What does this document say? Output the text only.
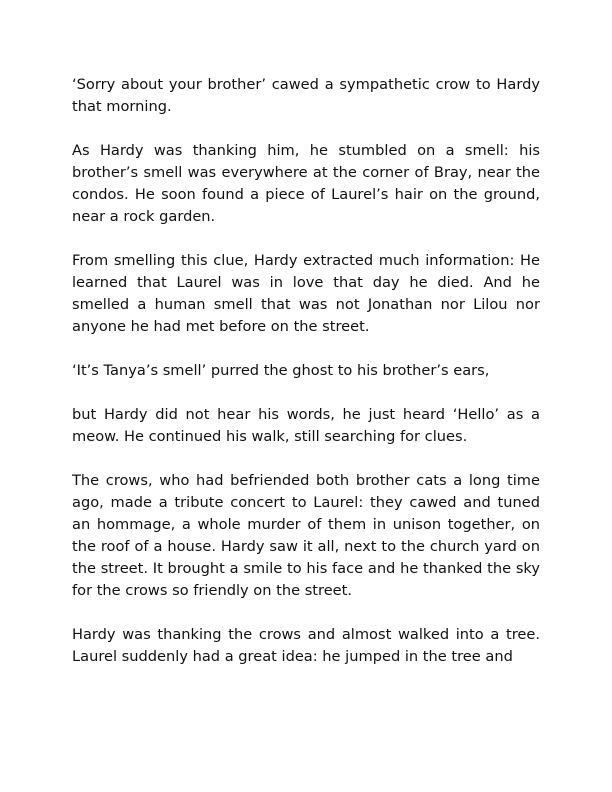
‘Sorry about your brother’ cawed a sympathetic crow to Hardy that morning.

As Hardy was thanking him, he stumbled on a smell: his brother’s smell was everywhere at the corner of Bray, near the condos. He soon found a piece of Laurel’s hair on the ground, near a rock garden.

From smelling this clue, Hardy extracted much information: He learned that Laurel was in love that day he died. And he smelled a human smell that was not Jonathan nor Lilou nor anyone he had met before on the street.

‘It’s Tanya’s smell’ purred the ghost to his brother’s ears,

but Hardy did not hear his words, he just heard ‘Hello’ as a meow. He continued his walk, still searching for clues.

The crows, who had befriended both brother cats a long time ago, made a tribute concert to Laurel: they cawed and tuned an hommage, a whole murder of them in unison together, on the roof of a house. Hardy saw it all, next to the church yard on the street. It brought a smile to his face and he thanked the sky for the crows so friendly on the street.

Hardy was thanking the crows and almost walked into a tree. Laurel suddenly had a great idea: he jumped in the tree and
